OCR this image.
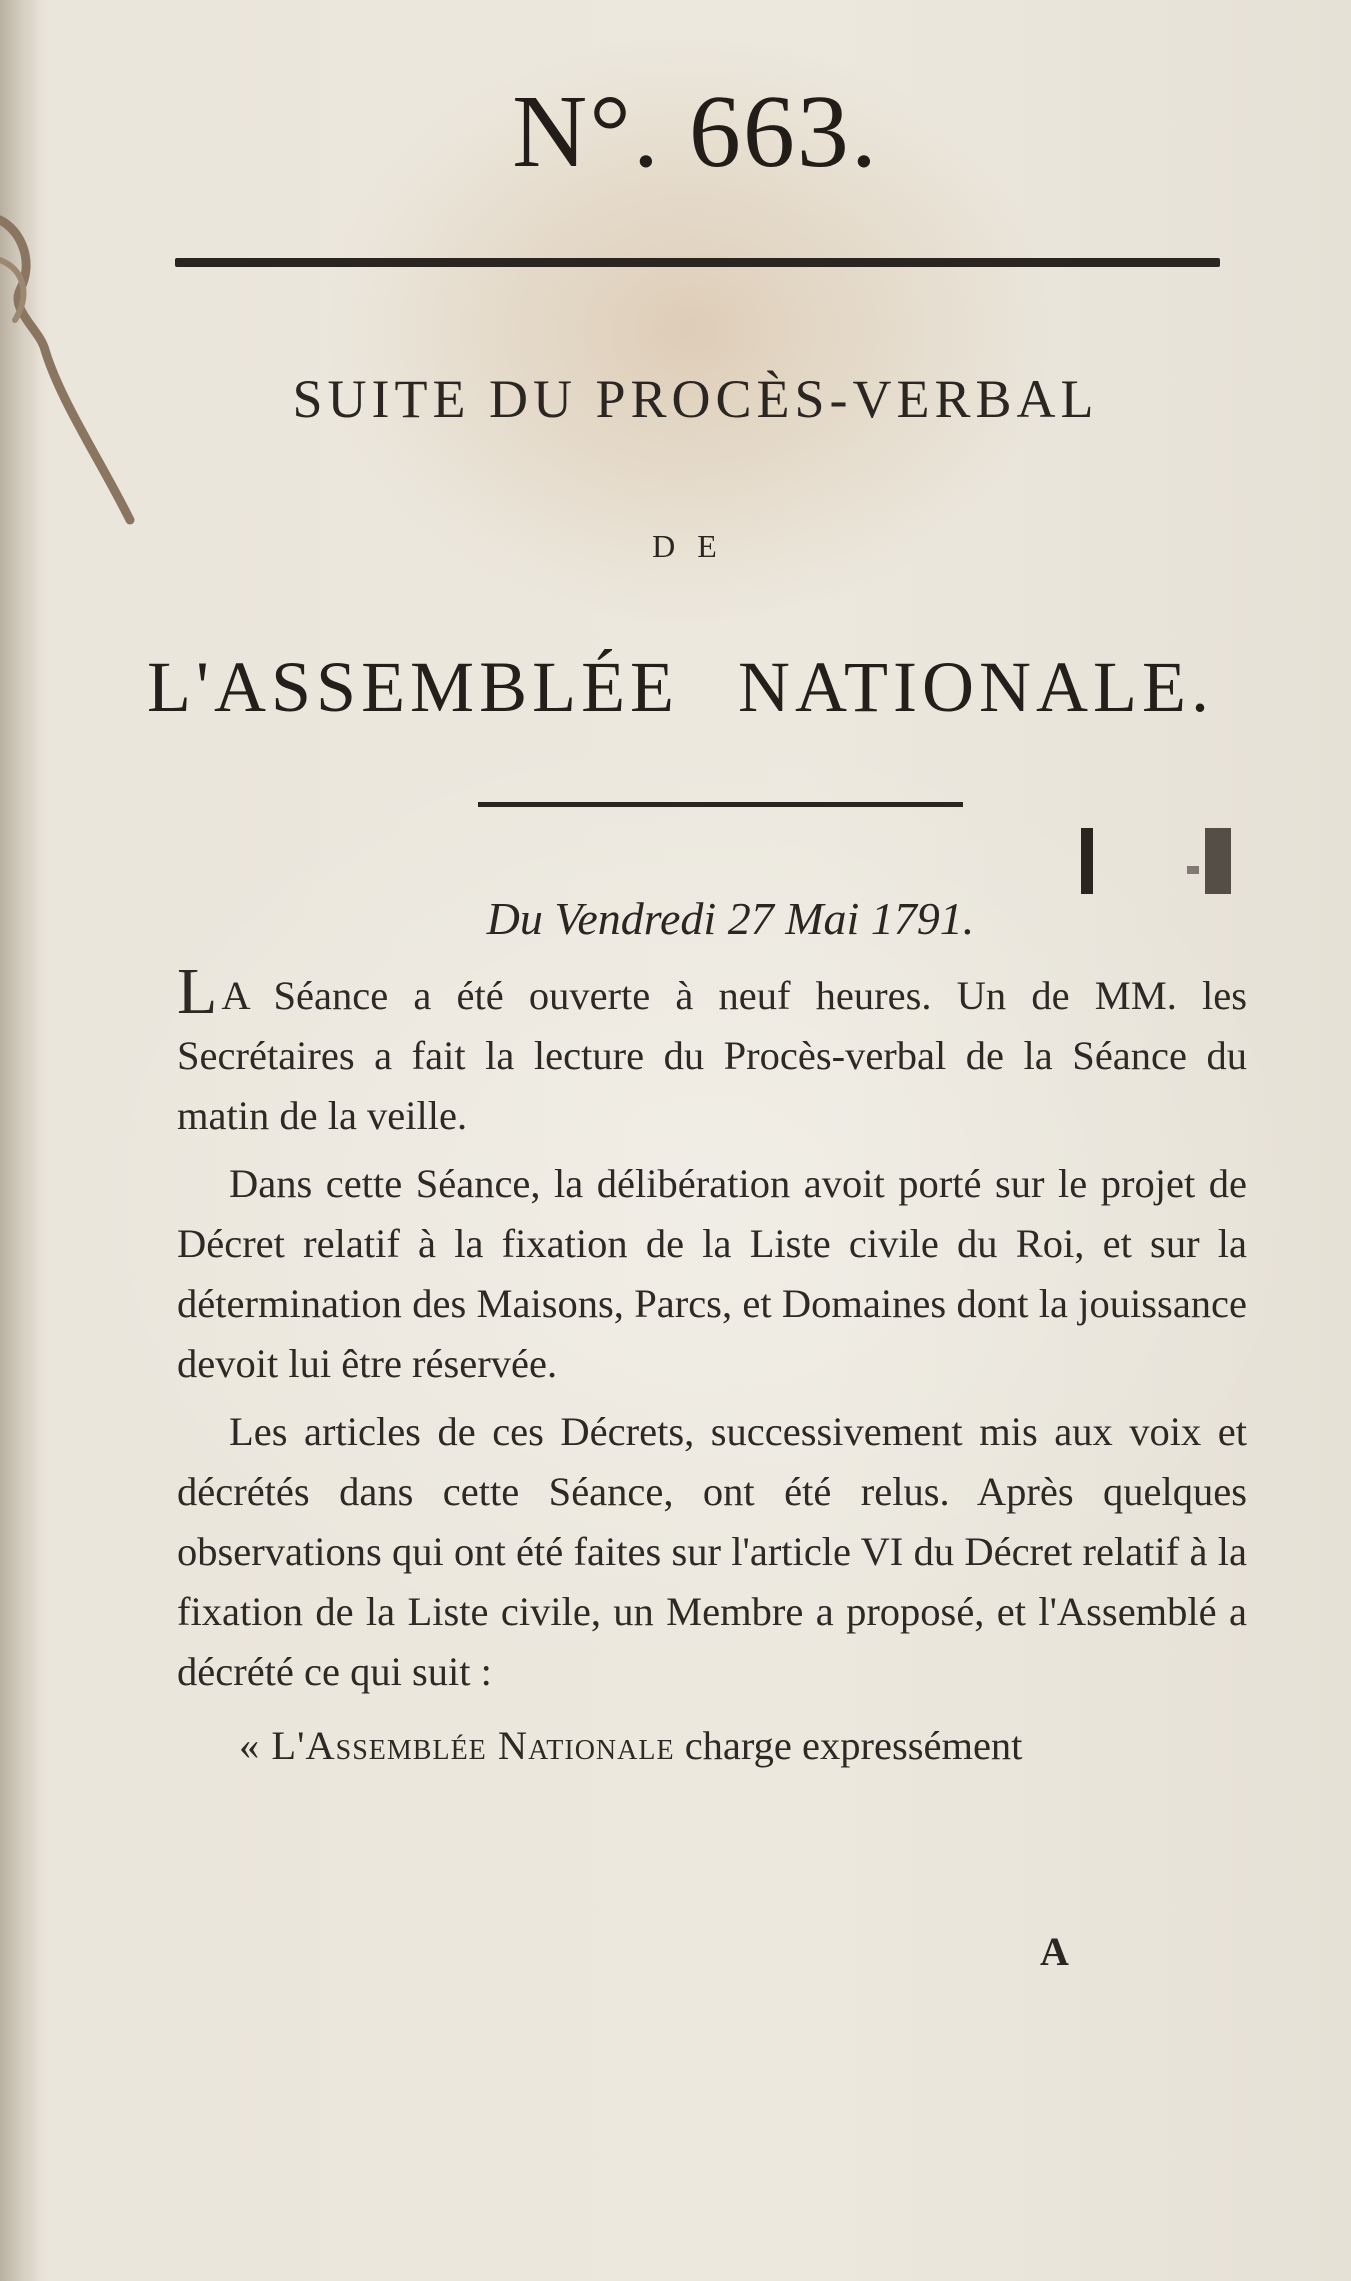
N°. 663.
SUITE DU PROCÈS-VERBAL
DE
L'ASSEMBLÉE NATIONALE.
Du Vendredi 27 Mai 1791.

LA Séance a été ouverte à neuf heures. Un de MM. les Secrétaires a fait la lecture du Procès-verbal de la Séance du matin de la veille.

Dans cette Séance, la délibération avoit porté sur le projet de Décret relatif à la fixation de la Liste civile du Roi, et sur la détermination des Maisons, Parcs, et Domaines dont la jouissance devoit lui être réservée.

Les articles de ces Décrets, successivement mis aux voix et décrétés dans cette Séance, ont été relus. Après quelques observations qui ont été faites sur l'article VI du Décret relatif à la fixation de la Liste civile, un Membre a proposé, et l'Assemblé a décrété ce qui suit :

« L'Assemblée Nationale charge expressément

A
